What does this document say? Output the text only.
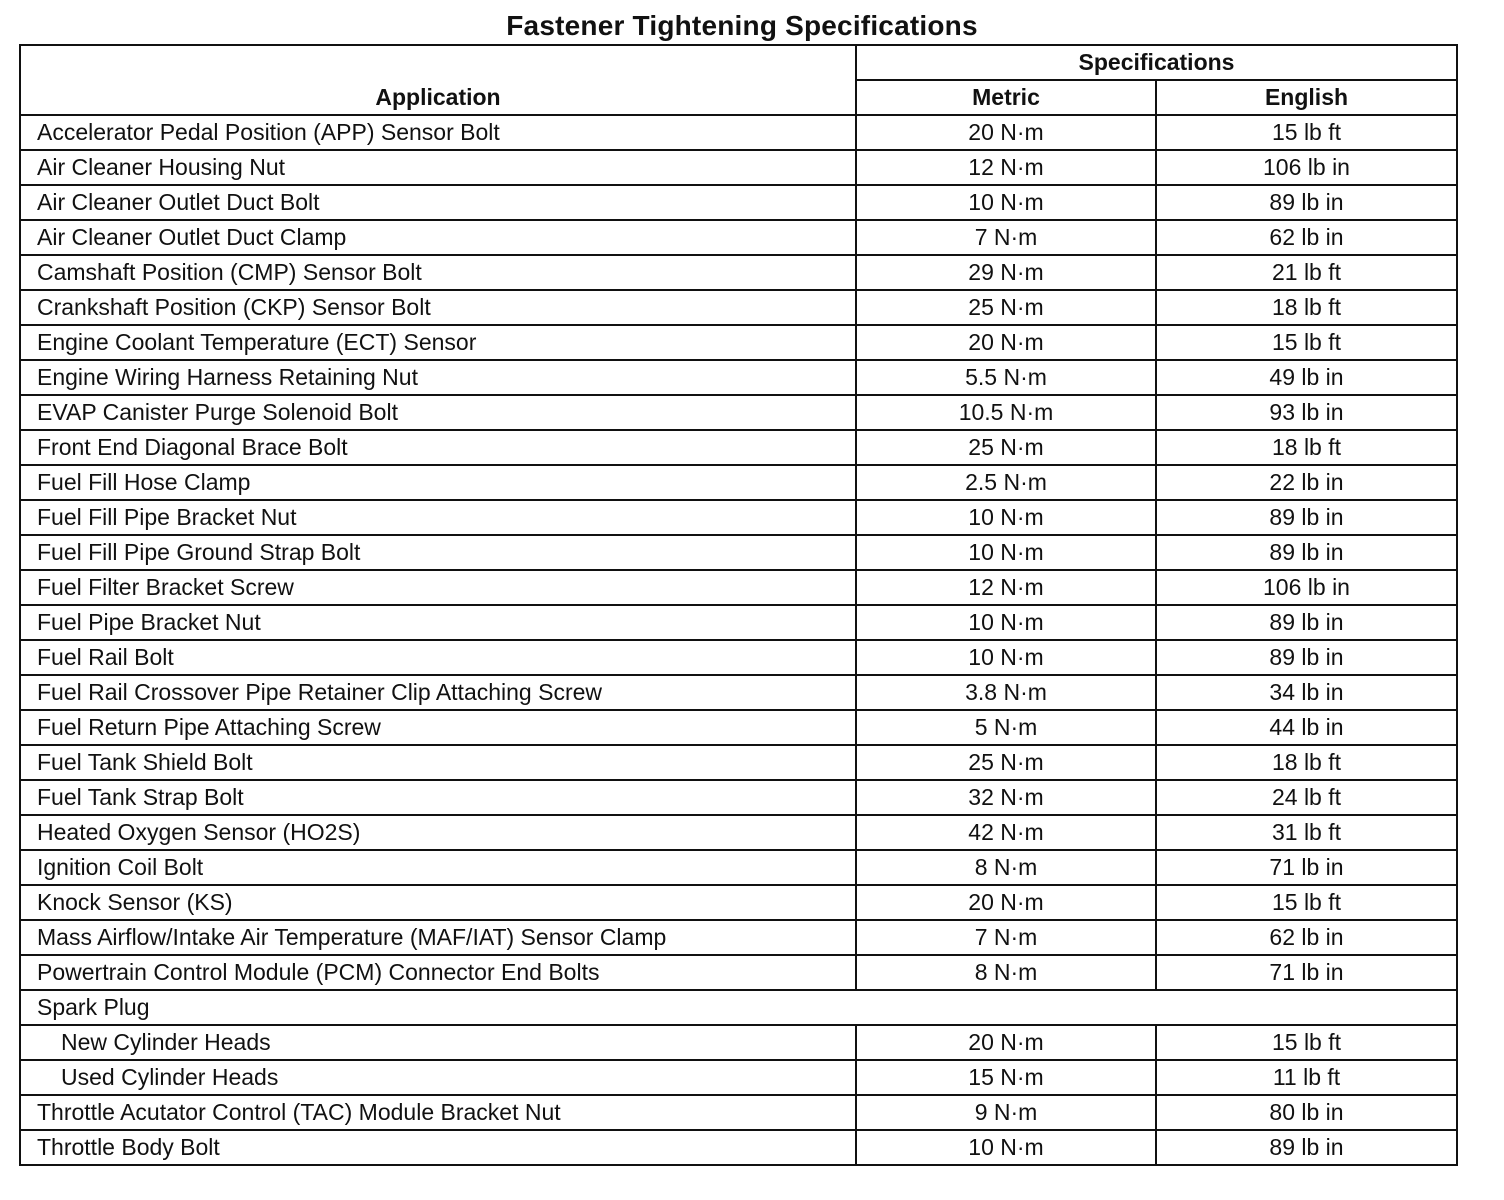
Fastener Tightening Specifications
Application	Specifications	
	Metric	English
Accelerator Pedal Position (APP) Sensor Bolt	20 N·m	15 lb ft
Air Cleaner Housing Nut	12 N·m	106 lb in
Air Cleaner Outlet Duct Bolt	10 N·m	89 lb in
Air Cleaner Outlet Duct Clamp	7 N·m	62 lb in
Camshaft Position (CMP) Sensor Bolt	29 N·m	21 lb ft
Crankshaft Position (CKP) Sensor Bolt	25 N·m	18 lb ft
Engine Coolant Temperature (ECT) Sensor	20 N·m	15 lb ft
Engine Wiring Harness Retaining Nut	5.5 N·m	49 lb in
EVAP Canister Purge Solenoid Bolt	10.5 N·m	93 lb in
Front End Diagonal Brace Bolt	25 N·m	18 lb ft
Fuel Fill Hose Clamp	2.5 N·m	22 lb in
Fuel Fill Pipe Bracket Nut	10 N·m	89 lb in
Fuel Fill Pipe Ground Strap Bolt	10 N·m	89 lb in
Fuel Filter Bracket Screw	12 N·m	106 lb in
Fuel Pipe Bracket Nut	10 N·m	89 lb in
Fuel Rail Bolt	10 N·m	89 lb in
Fuel Rail Crossover Pipe Retainer Clip Attaching Screw	3.8 N·m	34 lb in
Fuel Return Pipe Attaching Screw	5 N·m	44 lb in
Fuel Tank Shield Bolt	25 N·m	18 lb ft
Fuel Tank Strap Bolt	32 N·m	24 lb ft
Heated Oxygen Sensor (HO2S)	42 N·m	31 lb ft
Ignition Coil Bolt	8 N·m	71 lb in
Knock Sensor (KS)	20 N·m	15 lb ft
Mass Airflow/Intake Air Temperature (MAF/IAT) Sensor Clamp	7 N·m	62 lb in
Powertrain Control Module (PCM) Connector End Bolts	8 N·m	71 lb in
Spark Plug		
New Cylinder Heads	20 N·m	15 lb ft
Used Cylinder Heads	15 N·m	11 lb ft
Throttle Acutator Control (TAC) Module Bracket Nut	9 N·m	80 lb in
Throttle Body Bolt	10 N·m	89 lb in
